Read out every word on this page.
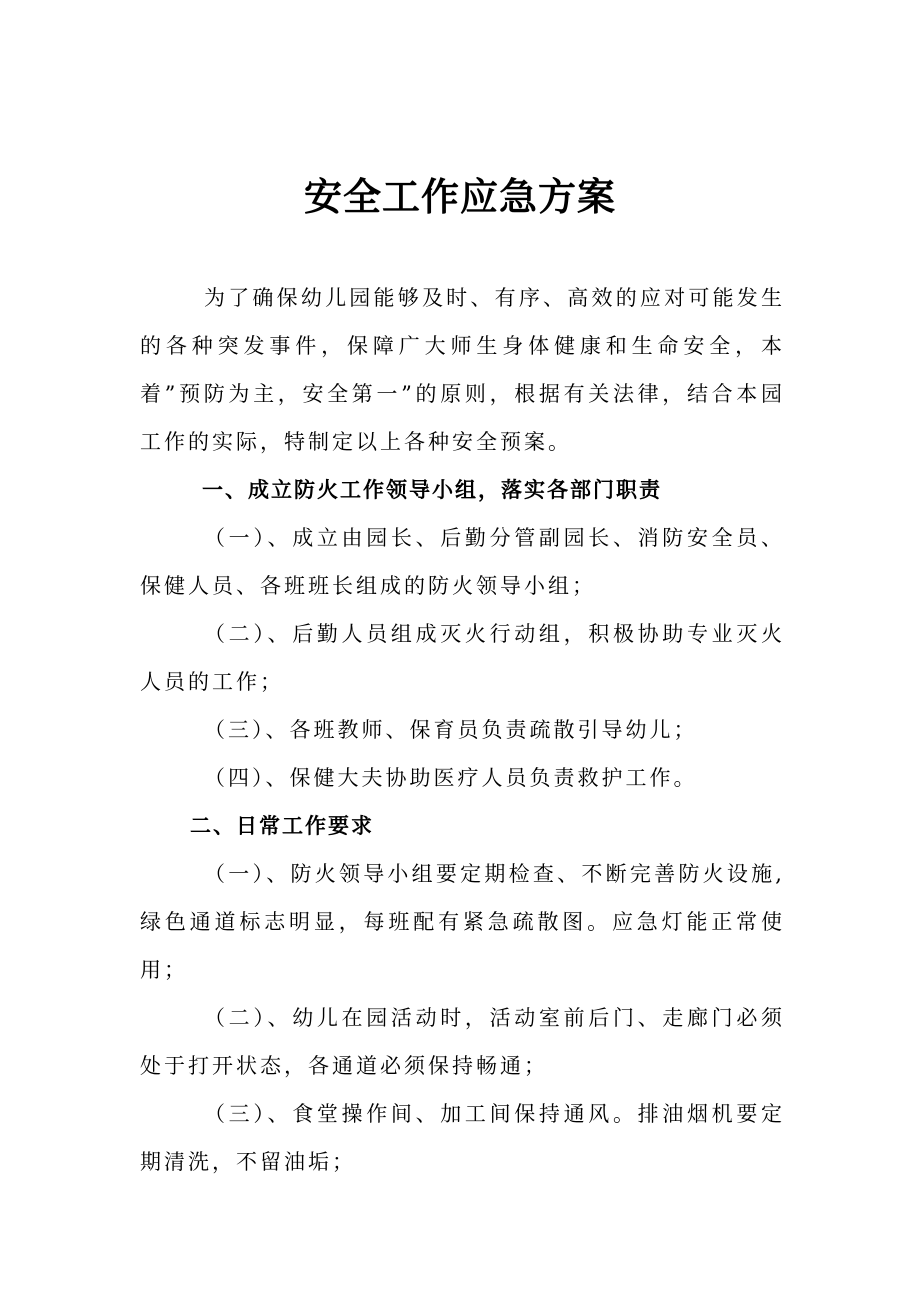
安全工作应急方案

为了确保幼儿园能够及时、有序、高效的应对可能发生的各种突发事件，保障广大师生身体健康和生命安全，本着”预防为主，安全第一”的原则，根据有关法律，结合本园工作的实际，特制定以上各种安全预案。

一、成立防火工作领导小组，落实各部门职责

（一）、成立由园长、后勤分管副园长、消防安全员、保健人员、各班班长组成的防火领导小组；

（二）、后勤人员组成灭火行动组，积极协助专业灭火人员的工作；

（三）、各班教师、保育员负责疏散引导幼儿；

（四）、保健大夫协助医疗人员负责救护工作。

二、日常工作要求

（一）、防火领导小组要定期检查、不断完善防火设施,绿色通道标志明显，每班配有紧急疏散图。应急灯能正常使用；

（二）、幼儿在园活动时，活动室前后门、走廊门必须处于打开状态，各通道必须保持畅通；

（三）、食堂操作间、加工间保持通风。排油烟机要定期清洗，不留油垢；
